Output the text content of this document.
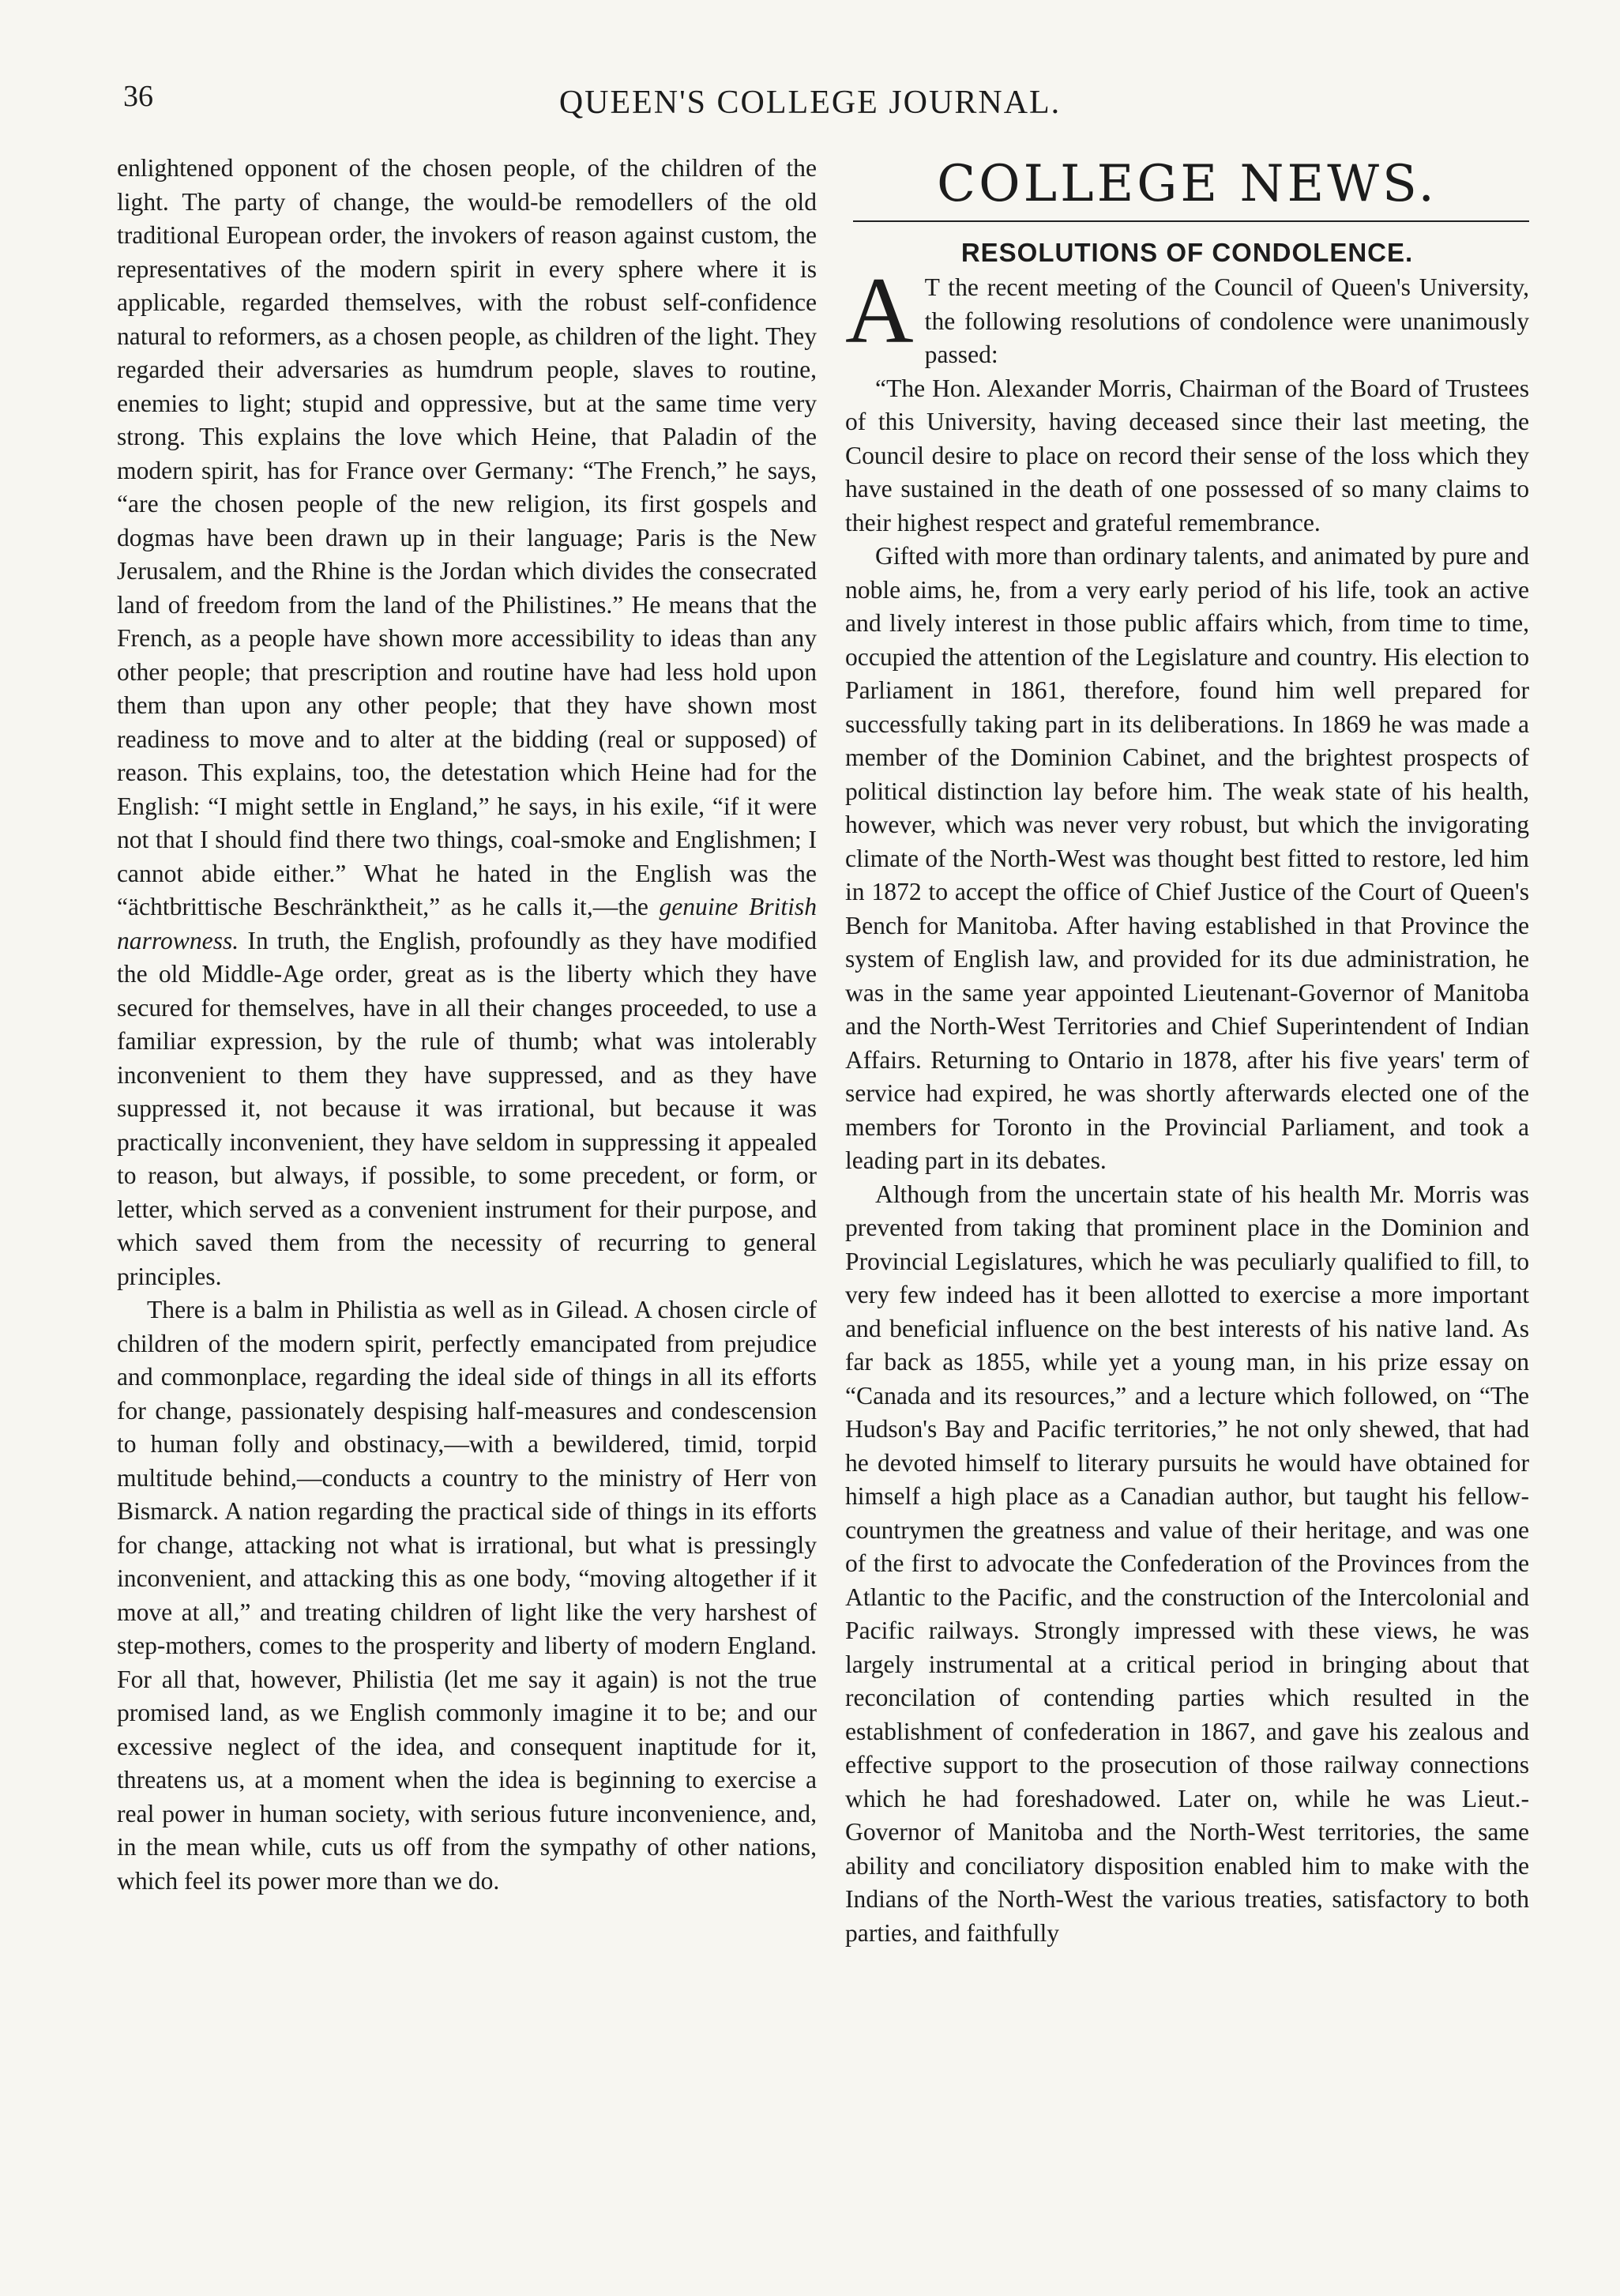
36	QUEEN'S COLLEGE JOURNAL.

enlightened opponent of the chosen people, of the children of the light. The party of change, the would-be remodellers of the old traditional European order, the invokers of reason against custom, the representatives of the modern spirit in every sphere where it is applicable, regarded themselves, with the robust self-confidence natural to reformers, as a chosen people, as children of the light. They regarded their adversaries as humdrum people, slaves to routine, enemies to light; stupid and oppressive, but at the same time very strong. This explains the love which Heine, that Paladin of the modern spirit, has for France over Germany: “The French,” he says, “are the chosen people of the new religion, its first gospels and dogmas have been drawn up in their language; Paris is the New Jerusalem, and the Rhine is the Jordan which divides the consecrated land of freedom from the land of the Philistines.” He means that the French, as a people have shown more accessibility to ideas than any other people; that prescription and routine have had less hold upon them than upon any other people; that they have shown most readiness to move and to alter at the bidding (real or supposed) of reason. This explains, too, the detestation which Heine had for the English: “I might settle in England,” he says, in his exile, “if it were not that I should find there two things, coal-smoke and Englishmen; I cannot abide either.” What he hated in the English was the “ächtbrittische Beschränktheit,” as he calls it,—the genuine British narrowness. In truth, the English, profoundly as they have modified the old Middle-Age order, great as is the liberty which they have secured for themselves, have in all their changes proceeded, to use a familiar expression, by the rule of thumb; what was intolerably inconvenient to them they have suppressed, and as they have suppressed it, not because it was irrational, but because it was practically inconvenient, they have seldom in suppressing it appealed to reason, but always, if possible, to some precedent, or form, or letter, which served as a convenient instrument for their purpose, and which saved them from the necessity of recurring to general principles.

There is a balm in Philistia as well as in Gilead. A chosen circle of children of the modern spirit, perfectly emancipated from prejudice and commonplace, regarding the ideal side of things in all its efforts for change, passionately despising half-measures and condescension to human folly and obstinacy,—with a bewildered, timid, torpid multitude behind,—conducts a country to the ministry of Herr von Bismarck. A nation regarding the practical side of things in its efforts for change, attacking not what is irrational, but what is pressingly inconvenient, and attacking this as one body, “moving altogether if it move at all,” and treating children of light like the very harshest of step-mothers, comes to the prosperity and liberty of modern England. For all that, however, Philistia (let me say it again) is not the true promised land, as we English commonly imagine it to be; and our excessive neglect of the idea, and consequent inaptitude for it, threatens us, at a moment when the idea is beginning to exercise a real power in human society, with serious future inconvenience, and, in the mean while, cuts us off from the sympathy of other nations, which feel its power more than we do.

COLLEGE NEWS.
RESOLUTIONS OF CONDOLENCE.

A T the recent meeting of the Council of Queen's University, the following resolutions of condolence were unanimously passed:

“The Hon. Alexander Morris, Chairman of the Board of Trustees of this University, having deceased since their last meeting, the Council desire to place on record their sense of the loss which they have sustained in the death of one possessed of so many claims to their highest respect and grateful remembrance.

Gifted with more than ordinary talents, and animated by pure and noble aims, he, from a very early period of his life, took an active and lively interest in those public affairs which, from time to time, occupied the attention of the Legislature and country. His election to Parliament in 1861, therefore, found him well prepared for successfully taking part in its deliberations. In 1869 he was made a member of the Dominion Cabinet, and the brightest prospects of political distinction lay before him. The weak state of his health, however, which was never very robust, but which the invigorating climate of the North-West was thought best fitted to restore, led him in 1872 to accept the office of Chief Justice of the Court of Queen's Bench for Manitoba. After having established in that Province the system of English law, and provided for its due administration, he was in the same year appointed Lieutenant-Governor of Manitoba and the North-West Territories and Chief Superintendent of Indian Affairs. Returning to Ontario in 1878, after his five years' term of service had expired, he was shortly afterwards elected one of the members for Toronto in the Provincial Parliament, and took a leading part in its debates.

Although from the uncertain state of his health Mr. Morris was prevented from taking that prominent place in the Dominion and Provincial Legislatures, which he was peculiarly qualified to fill, to very few indeed has it been allotted to exercise a more important and beneficial influence on the best interests of his native land. As far back as 1855, while yet a young man, in his prize essay on “Canada and its resources,” and a lecture which followed, on “The Hudson's Bay and Pacific territories,” he not only shewed, that had he devoted himself to literary pursuits he would have obtained for himself a high place as a Canadian author, but taught his fellow-countrymen the greatness and value of their heritage, and was one of the first to advocate the Confederation of the Provinces from the Atlantic to the Pacific, and the construction of the Intercolonial and Pacific railways. Strongly impressed with these views, he was largely instrumental at a critical period in bringing about that reconcilation of contending parties which resulted in the establishment of confederation in 1867, and gave his zealous and effective support to the prosecution of those railway connections which he had foreshadowed. Later on, while he was Lieut.-Governor of Manitoba and the North-West territories, the same ability and conciliatory disposition enabled him to make with the Indians of the North-West the various treaties, satisfactory to both parties, and faithfully
